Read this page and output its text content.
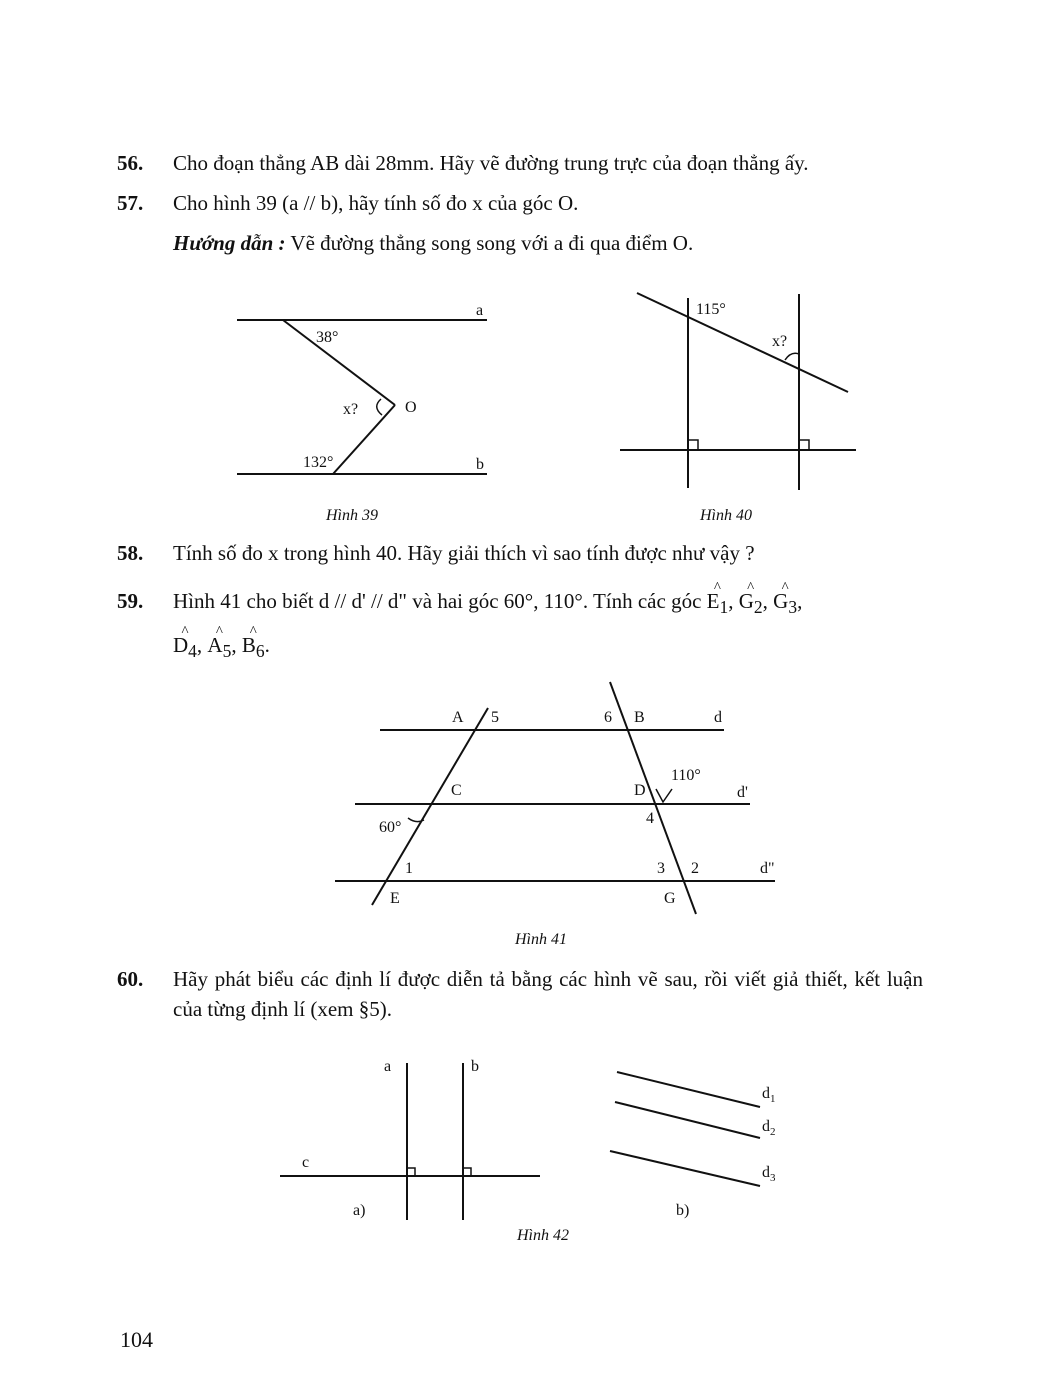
56. Cho đoạn thẳng AB dài 28mm. Hãy vẽ đường trung trực của đoạn thẳng ấy.
57. Cho hình 39 (a // b), hãy tính số đo x của góc O.
Hướng dẫn : Vẽ đường thẳng song song với a đi qua điểm O.
a
b
38°
132°
x?	O
115°
x?
A 5	6 B	d
C	D
110°
d'
60°
4
1	3 2	d"
E	G
a	b
c
a)	b)
$d_1$
$d_2$
$d_3$
Hình 39	Hình 40
Hình 41
Hình 42
58. Tính số đo x trong hình 40. Hãy giải thích vì sao tính được như vậy ?
59. Hình 41 cho biết d // d' // d" và hai góc 60°, 110°. Tính các góc ^ $E_1$, ^ $G_2$, ^ $G_3$,
^ $D_4$, ^ $A_5$, ^ $B_6$.
60. Hãy phát biểu các định lí được diễn tả bằng các hình vẽ sau, rồi viết giả thiết, kết luận của từng định lí (xem §5).
104
